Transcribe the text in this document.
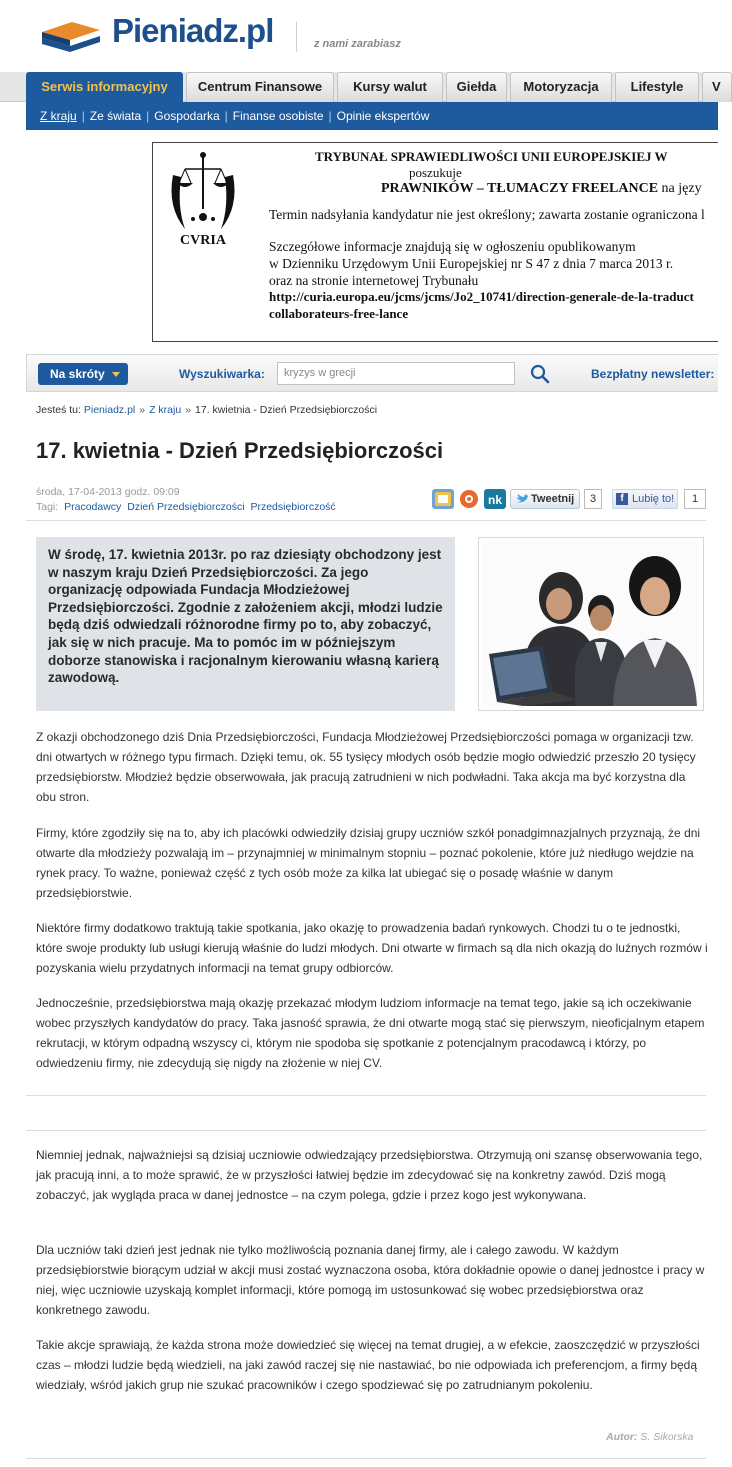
Pieniadz.pl	z nami zarabiasz
Serwis informacyjny	Centrum Finansowe	Kursy walut	Giełda	Motoryzacja	Lifestyle	V
Z kraju | Ze świata | Gospodarka | Finanse osobiste | Opinie ekspertów
CVRIA
TRYBUNAŁ SPRAWIEDLIWOŚCI UNII EUROPEJSKIEJ W
poszukuje
PRAWNIKÓW – TŁUMACZY FREELANCE na języ
Termin nadsyłania kandydatur nie jest określony; zawarta zostanie ograniczona l
Szczegółowe informacje znajdują się w ogłoszeniu opublikowanym
w Dzienniku Urzędowym Unii Europejskiej nr S 47 z dnia 7 marca 2013 r.
oraz na stronie internetowej Trybunału
http://curia.europa.eu/jcms/jcms/Jo2_10741/direction-generale-de-la-traduct
collaborateurs-free-lance
Na skróty	Wyszukiwarka:	kryzys w grecji	Bezpłatny newsletter:
Jesteś tu: Pieniadz.pl » Z kraju » 17. kwietnia - Dzień Przedsiębiorczości
17. kwietnia - Dzień Przedsiębiorczości
środa, 17-04-2013 godz. 09:09
Tagi: Pracodawcy Dzień Przedsiębiorczości Przedsiębiorczość	nk	Tweetnij	3	f Lubię to!	1
W środę, 17. kwietnia 2013r. po raz dziesiąty obchodzony jest w naszym kraju Dzień Przedsiębiorczości. Za jego organizację odpowiada Fundacja Młodzieżowej Przedsiębiorczości. Zgodnie z założeniem akcji, młodzi ludzie będą dziś odwiedzali różnorodne firmy po to, aby zobaczyć, jak się w nich pracuje. Ma to pomóc im w późniejszym doborze stanowiska i racjonalnym kierowaniu własną karierą zawodową.
Z okazji obchodzonego dziś Dnia Przedsiębiorczości, Fundacja Młodzieżowej Przedsiębiorczości pomaga w organizacji tzw. dni otwartych w różnego typu firmach. Dzięki temu, ok. 55 tysięcy młodych osób będzie mogło odwiedzić przeszło 20 tysięcy przedsiębiorstw. Młodzież będzie obserwowała, jak pracują zatrudnieni w nich podwładni. Taka akcja ma być korzystna dla obu stron.
Firmy, które zgodziły się na to, aby ich placówki odwiedziły dzisiaj grupy uczniów szkół ponadgimnazjalnych przyznają, że dni otwarte dla młodzieży pozwalają im – przynajmniej w minimalnym stopniu – poznać pokolenie, które już niedługo wejdzie na rynek pracy. To ważne, ponieważ część z tych osób może za kilka lat ubiegać się o posadę właśnie w danym przedsiębiorstwie.
Niektóre firmy dodatkowo traktują takie spotkania, jako okazję to prowadzenia badań rynkowych. Chodzi tu o te jednostki, które swoje produkty lub usługi kierują właśnie do ludzi młodych. Dni otwarte w firmach są dla nich okazją do luźnych rozmów i pozyskania wielu przydatnych informacji na temat grupy odbiorców.
Jednocześnie, przedsiębiorstwa mają okazję przekazać młodym ludziom informacje na temat tego, jakie są ich oczekiwanie wobec przyszłych kandydatów do pracy. Taka jasność sprawia, że dni otwarte mogą stać się pierwszym, nieoficjalnym etapem rekrutacji, w którym odpadną wszyscy ci, którym nie spodoba się spotkanie z potencjalnym pracodawcą i którzy, po odwiedzeniu firmy, nie zdecydują się nigdy na złożenie w niej CV.
Niemniej jednak, najważniejsi są dzisiaj uczniowie odwiedzający przedsiębiorstwa. Otrzymują oni szansę obserwowania tego, jak pracują inni, a to może sprawić, że w przyszłości łatwiej będzie im zdecydować się na konkretny zawód. Dziś mogą zobaczyć, jak wygląda praca w danej jednostce – na czym polega, gdzie i przez kogo jest wykonywana.
Dla uczniów taki dzień jest jednak nie tylko możliwością poznania danej firmy, ale i całego zawodu. W każdym przedsiębiorstwie biorącym udział w akcji musi zostać wyznaczona osoba, która dokładnie opowie o danej jednostce i pracy w niej, więc uczniowie uzyskają komplet informacji, które pomogą im ustosunkować się wobec przedsiębiorstwa oraz konkretnego zawodu.
Takie akcje sprawiają, że każda strona może dowiedzieć się więcej na temat drugiej, a w efekcie, zaoszczędzić w przyszłości czas – młodzi ludzie będą wiedzieli, na jaki zawód raczej się nie nastawiać, bo nie odpowiada ich preferencjom, a firmy będą wiedziały, wśród jakich grup nie szukać pracowników i czego spodziewać się po zatrudnianym pokoleniu.
Autor: S. Sikorska
